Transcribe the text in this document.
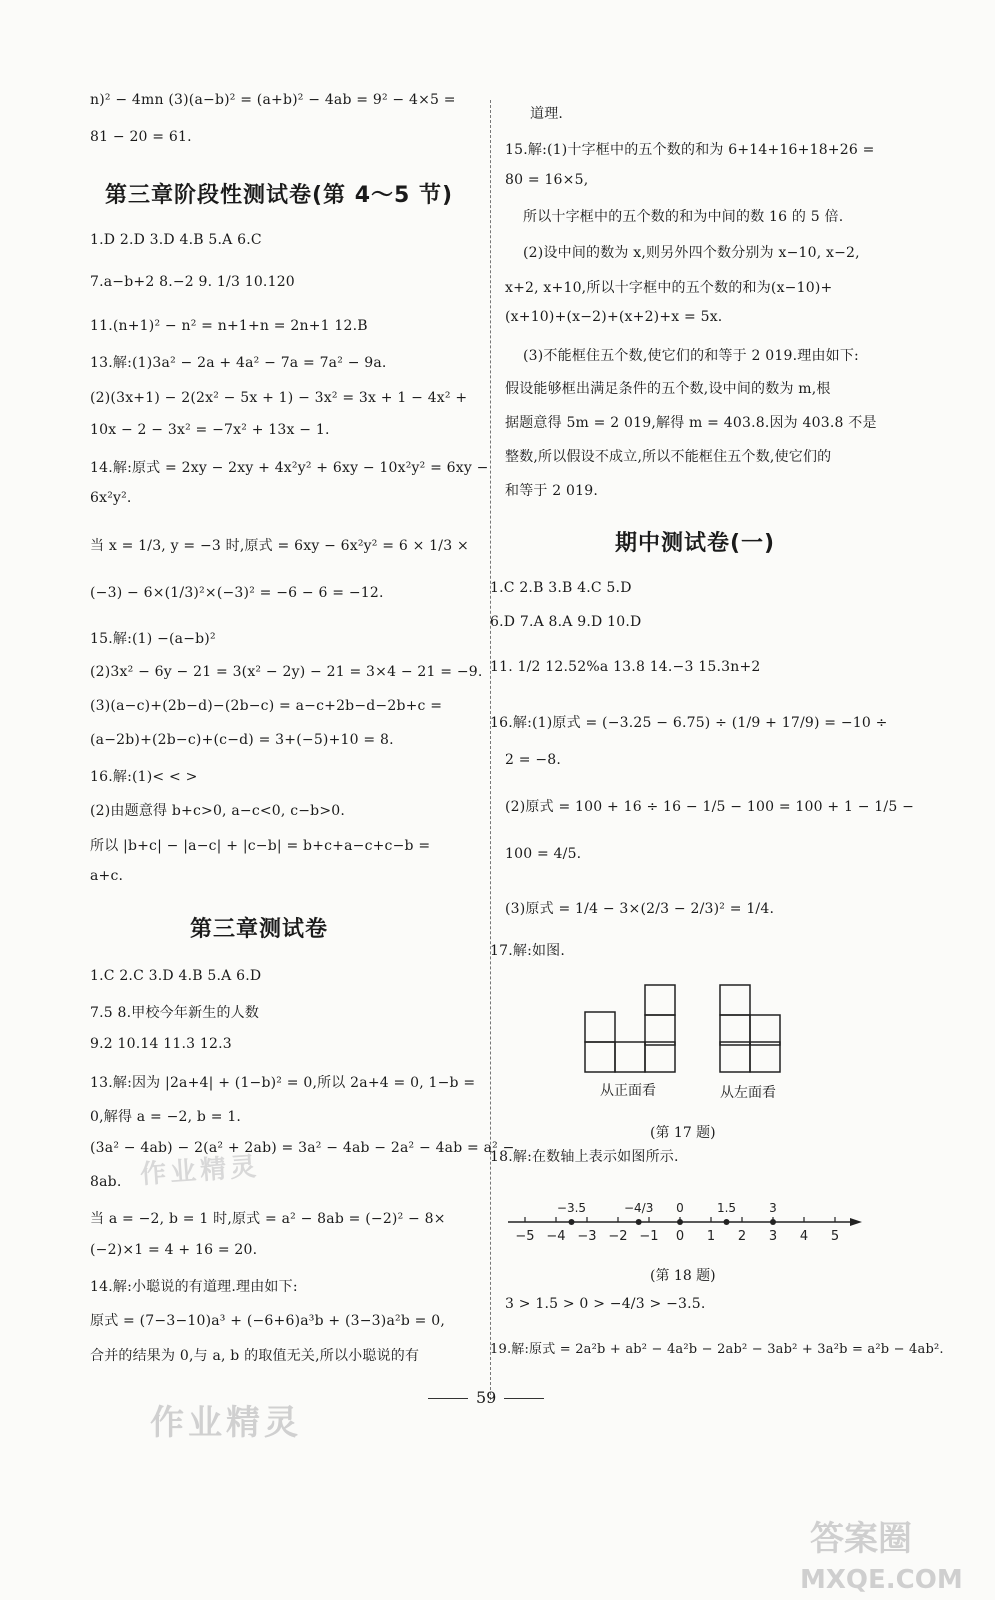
n)² − 4mn (3)(a−b)² = (a+b)² − 4ab = 9² − 4×5 =
81 − 20 = 61.
第三章阶段性测试卷(第 4～5 节)
1.D 2.D 3.D 4.B 5.A 6.C
7.a−b+2 8.−2 9. 1/3 10.120
11.(n+1)² − n² = n+1+n = 2n+1 12.B
13.解:(1)3a² − 2a + 4a² − 7a = 7a² − 9a.
(2)(3x+1) − 2(2x² − 5x + 1) − 3x² = 3x + 1 − 4x² +
10x − 2 − 3x² = −7x² + 13x − 1.
14.解:原式 = 2xy − 2xy + 4x²y² + 6xy − 10x²y² = 6xy −
6x²y².
当 x = 1/3, y = −3 时,原式 = 6xy − 6x²y² = 6 × 1/3 ×
(−3) − 6×(1/3)²×(−3)² = −6 − 6 = −12.
15.解:(1) −(a−b)²
(2)3x² − 6y − 21 = 3(x² − 2y) − 21 = 3×4 − 21 = −9.
(3)(a−c)+(2b−d)−(2b−c) = a−c+2b−d−2b+c =
(a−2b)+(2b−c)+(c−d) = 3+(−5)+10 = 8.
16.解:(1)< < >
(2)由题意得 b+c>0, a−c<0, c−b>0.
所以 |b+c| − |a−c| + |c−b| = b+c+a−c+c−b =
a+c.
第三章测试卷
1.C 2.C 3.D 4.B 5.A 6.D
7.5 8.甲校今年新生的人数
9.2 10.14 11.3 12.3
13.解:因为 |2a+4| + (1−b)² = 0,所以 2a+4 = 0, 1−b =
0,解得 a = −2, b = 1.
(3a² − 4ab) − 2(a² + 2ab) = 3a² − 4ab − 2a² − 4ab = a² −
8ab.
当 a = −2, b = 1 时,原式 = a² − 8ab = (−2)² − 8×
(−2)×1 = 4 + 16 = 20.
14.解:小聪说的有道理.理由如下:
原式 = (7−3−10)a³ + (−6+6)a³b + (3−3)a²b = 0,
合并的结果为 0,与 a, b 的取值无关,所以小聪说的有
道理.
15.解:(1)十字框中的五个数的和为 6+14+16+18+26 =
80 = 16×5,
所以十字框中的五个数的和为中间的数 16 的 5 倍.
(2)设中间的数为 x,则另外四个数分别为 x−10, x−2,
x+2, x+10,所以十字框中的五个数的和为(x−10)+
(x+10)+(x−2)+(x+2)+x = 5x.
(3)不能框住五个数,使它们的和等于 2 019.理由如下:
假设能够框出满足条件的五个数,设中间的数为 m,根
据题意得 5m = 2 019,解得 m = 403.8.因为 403.8 不是
整数,所以假设不成立,所以不能框住五个数,使它们的
和等于 2 019.
期中测试卷(一)
1.C 2.B 3.B 4.C 5.D
6.D 7.A 8.A 9.D 10.D
11. 1/2 12.52%a 13.8 14.−3 15.3n+2
16.解:(1)原式 = (−3.25 − 6.75) ÷ (1/9 + 17/9) = −10 ÷
2 = −8.
(2)原式 = 100 + 16 ÷ 16 − 1/5 − 100 = 100 + 1 − 1/5 −
100 = 4/5.
(3)原式 = 1/4 − 3×(2/3 − 2/3)² = 1/4.
17.解:如图.
从正面看	从左面看
(第 17 题)
18.解:在数轴上表示如图所示.
−5 −4 −3 −2 −1 0 1 2 3 4 5
−3.5	−4/3 0	1.5	3
(第 18 题)
3 > 1.5 > 0 > −4/3 > −3.5.
19.解:原式 = 2a²b + ab² − 4a²b − 2ab² − 3ab² + 3a²b = a²b − 4ab².
作业精灵
作业精灵
59
答案圈
MXQE.COM
